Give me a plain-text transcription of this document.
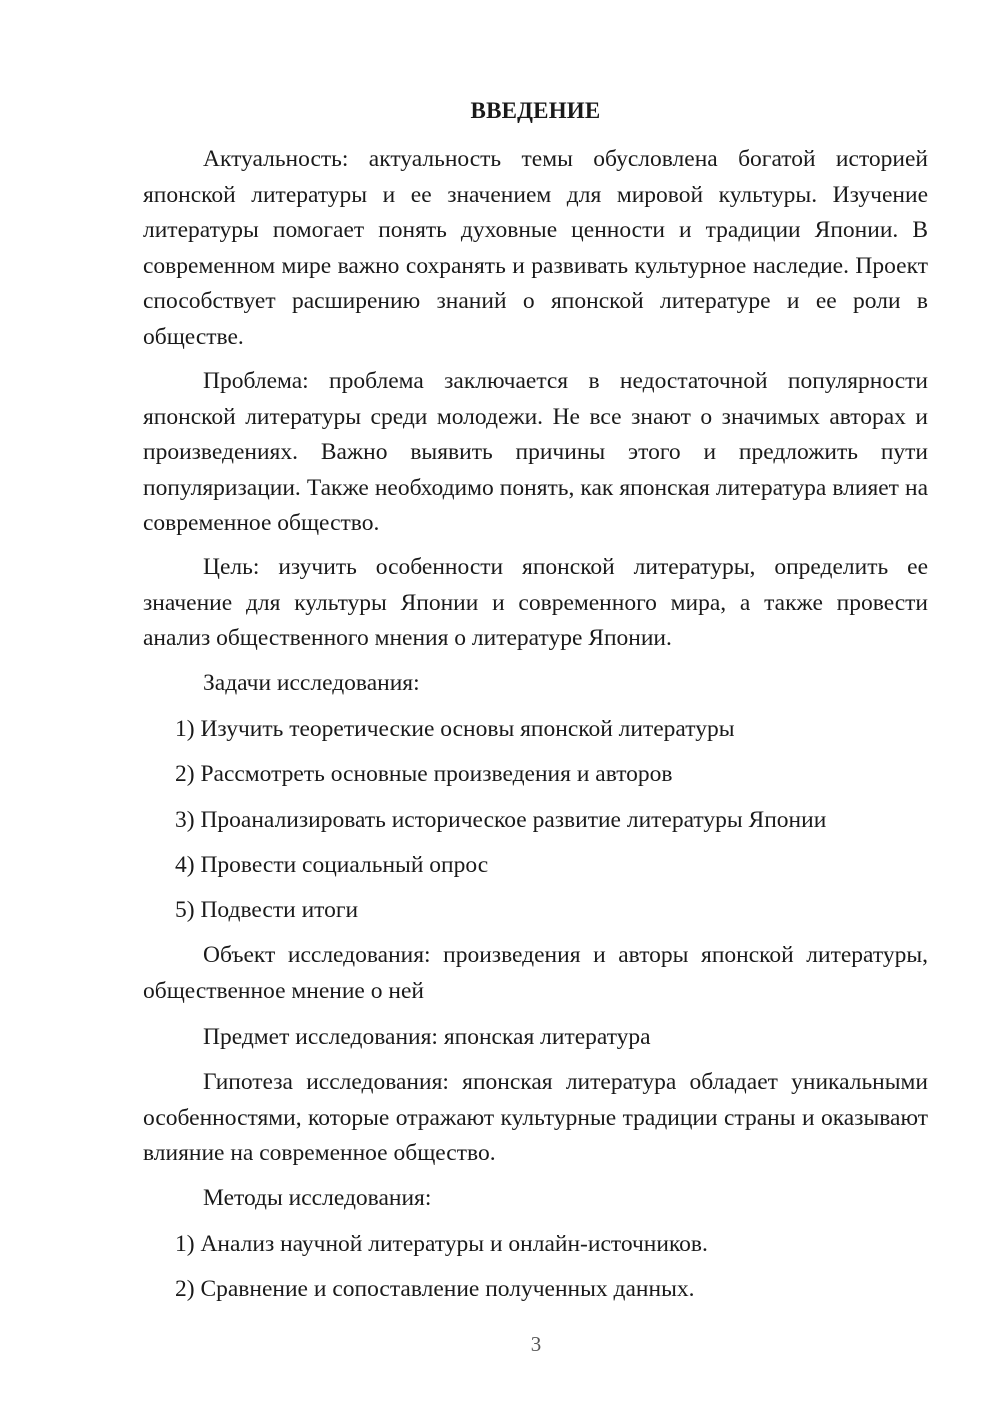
ВВЕДЕНИЕ

Актуальность: актуальность темы обусловлена богатой историей японской литературы и ее значением для мировой культуры. Изучение литературы помогает понять духовные ценности и традиции Японии. В современном мире важно сохранять и развивать культурное наследие. Проект способствует расширению знаний о японской литературе и ее роли в обществе.

Проблема: проблема заключается в недостаточной популярности японской литературы среди молодежи. Не все знают о значимых авторах и произведениях. Важно выявить причины этого и предложить пути популяризации. Также необходимо понять, как японская литература влияет на современное общество.

Цель: изучить особенности японской литературы, определить ее значение для культуры Японии и современного мира, а также провести анализ общественного мнения о литературе Японии.

Задачи исследования:
1) Изучить теоретические основы японской литературы
2) Рассмотреть основные произведения и авторов
3) Проанализировать историческое развитие литературы Японии
4) Провести социальный опрос
5) Подвести итоги

Объект исследования: произведения и авторы японской литературы, общественное мнение о ней

Предмет исследования: японская литература

Гипотеза исследования: японская литература обладает уникальными особенностями, которые отражают культурные традиции страны и оказывают влияние на современное общество.

Методы исследования:
1) Анализ научной литературы и онлайн-источников.
2) Сравнение и сопоставление полученных данных.
3
